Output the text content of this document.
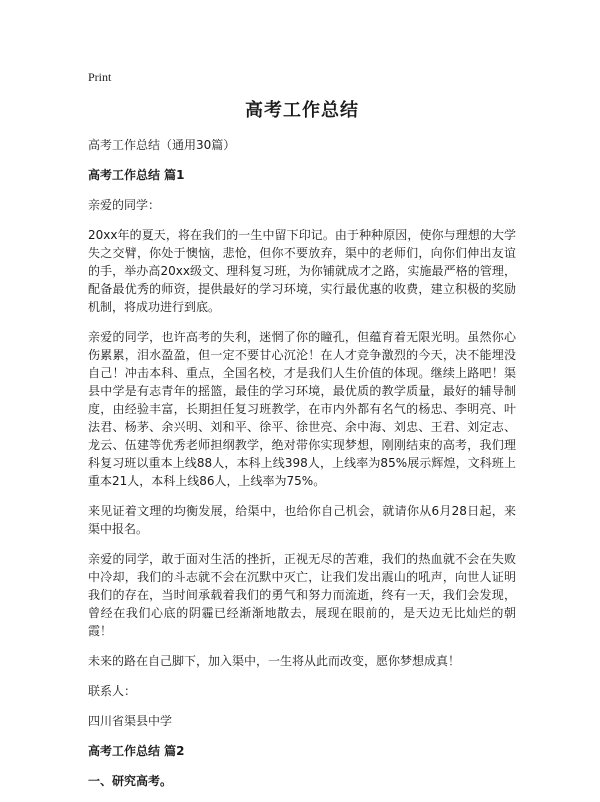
Print
高考工作总结

高考工作总结（通用30篇）

高考工作总结 篇1

亲爱的同学：

20xx年的夏天，将在我们的一生中留下印记。由于种种原因，使你与理想的大学失之交臂，你处于懊恼，悲怆，但你不要放弃，渠中的老师们，向你们伸出友谊的手，举办高20xx级文、理科复习班，为你铺就成才之路，实施最严格的管理，配备最优秀的师资，提供最好的学习环境，实行最优惠的收费，建立积极的奖励机制，将成功进行到底。

亲爱的同学，也许高考的失利，迷惘了你的瞳孔，但蕴育着无限光明。虽然你心伤累累，泪水盈盈，但一定不要甘心沉沦！在人才竞争激烈的今天，决不能埋没自己！冲击本科、重点，全国名校，才是我们人生价值的体现。继续上路吧！渠县中学是有志青年的摇篮，最佳的学习环境，最优质的教学质量，最好的辅导制度，由经验丰富，长期担任复习班教学，在市内外都有名气的杨忠、李明亮、叶法君、杨茅、余兴明、刘和平、徐平、徐世亮、余中海、刘忠、王君、刘定志、龙云、伍建等优秀老师担纲教学，绝对带你实现梦想，刚刚结束的高考，我们理科复习班以重本上线88人，本科上线398人，上线率为85%展示辉煌，文科班上重本21人，本科上线86人，上线率为75%。

来见证着文理的均衡发展，给渠中，也给你自己机会，就请你从6月28日起，来渠中报名。

亲爱的同学，敢于面对生活的挫折，正视无尽的苦难，我们的热血就不会在失败中冷却，我们的斗志就不会在沉默中灭亡，让我们发出震山的吼声，向世人证明我们的存在，当时间承载着我们的勇气和努力而流逝，终有一天，我们会发现，曾经在我们心底的阴霾已经渐渐地散去，展现在眼前的，是天边无比灿烂的朝霞！

未来的路在自己脚下，加入渠中，一生将从此而改变，愿你梦想成真！

联系人：

四川省渠县中学

高考工作总结 篇2
一、研究高考。
